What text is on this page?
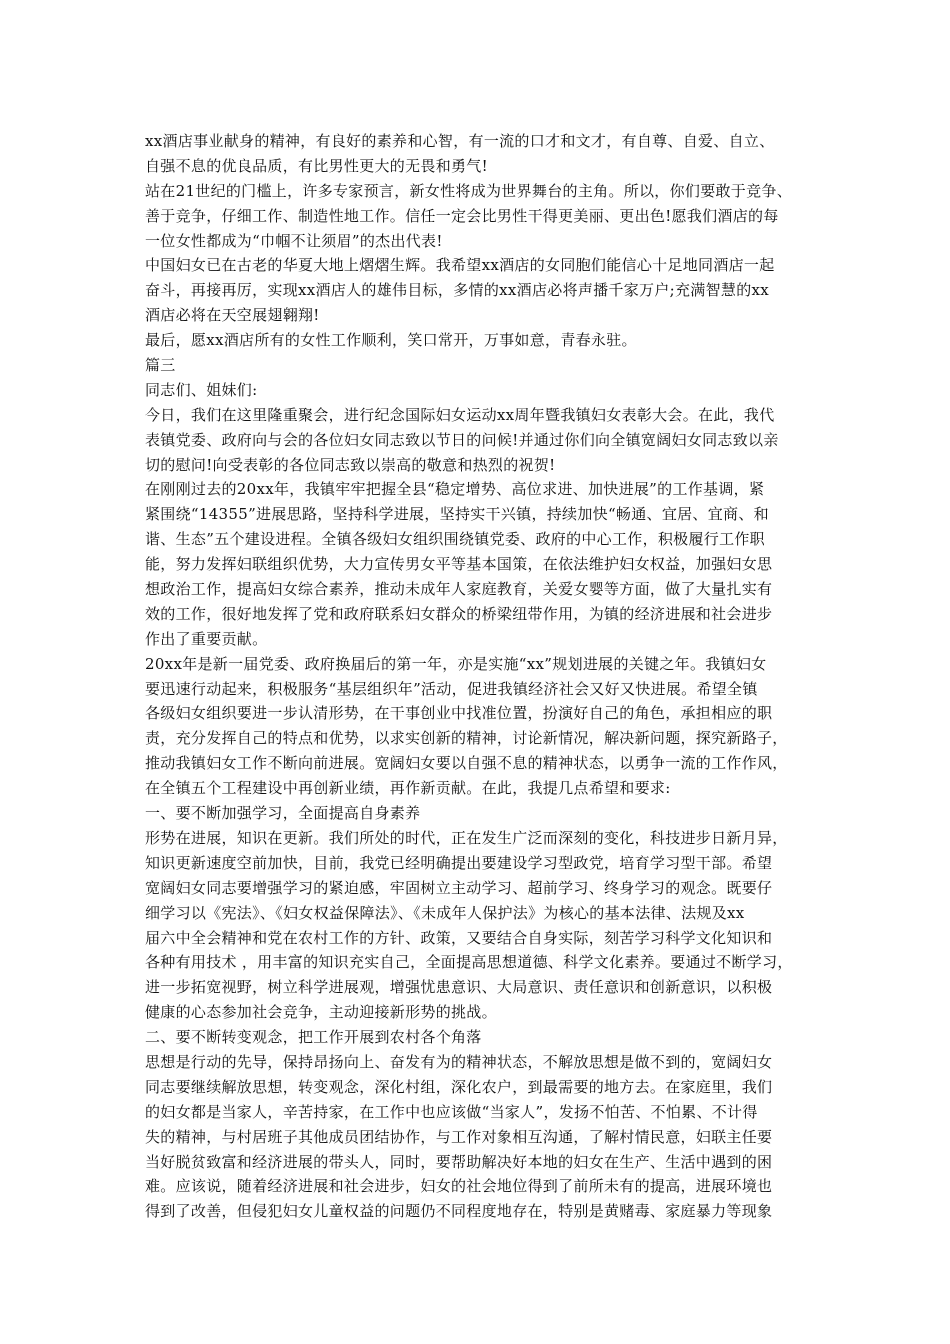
xx酒店事业献身的精神，有良好的素养和心智，有一流的口才和文才，有自尊、自爱、自立、
自强不息的优良品质，有比男性更大的无畏和勇气!
站在21世纪的门槛上，许多专家预言，新女性将成为世界舞台的主角。所以，你们要敢于竞争、
善于竞争，仔细工作、制造性地工作。信任一定会比男性干得更美丽、更出色!愿我们酒店的每
一位女性都成为“巾帼不让须眉”的杰出代表!
中国妇女已在古老的华夏大地上熠熠生辉。我希望xx酒店的女同胞们能信心十足地同酒店一起
奋斗，再接再厉，实现xx酒店人的雄伟目标，多情的xx酒店必将声播千家万户;充满智慧的xx
酒店必将在天空展翅翱翔!
最后，愿xx酒店所有的女性工作顺利，笑口常开，万事如意，青春永驻。
篇三
同志们、姐妹们:
今日，我们在这里隆重聚会，进行纪念国际妇女运动xx周年暨我镇妇女表彰大会。在此，我代
表镇党委、政府向与会的各位妇女同志致以节日的问候!并通过你们向全镇宽阔妇女同志致以亲
切的慰问!向受表彰的各位同志致以崇高的敬意和热烈的祝贺!
在刚刚过去的20xx年，我镇牢牢把握全县“稳定增势、高位求进、加快进展”的工作基调，紧
紧围绕“14355”进展思路，坚持科学进展，坚持实干兴镇，持续加快“畅通、宜居、宜商、和
谐、生态”五个建设进程。全镇各级妇女组织围绕镇党委、政府的中心工作，积极履行工作职
能，努力发挥妇联组织优势，大力宣传男女平等基本国策，在依法维护妇女权益，加强妇女思
想政治工作，提高妇女综合素养，推动未成年人家庭教育，关爱女婴等方面，做了大量扎实有
效的工作，很好地发挥了党和政府联系妇女群众的桥梁纽带作用，为镇的经济进展和社会进步
作出了重要贡献。
20xx年是新一届党委、政府换届后的第一年，亦是实施“xx”规划进展的关键之年。我镇妇女
要迅速行动起来，积极服务“基层组织年”活动，促进我镇经济社会又好又快进展。希望全镇
各级妇女组织要进一步认清形势，在干事创业中找准位置，扮演好自己的角色，承担相应的职
责，充分发挥自己的特点和优势，以求实创新的精神，讨论新情况，解决新问题，探究新路子，
推动我镇妇女工作不断向前进展。宽阔妇女要以自强不息的精神状态，以勇争一流的工作作风，
在全镇五个工程建设中再创新业绩，再作新贡献。在此，我提几点希望和要求:
一、要不断加强学习，全面提高自身素养
形势在进展，知识在更新。我们所处的时代，正在发生广泛而深刻的变化，科技进步日新月异，
知识更新速度空前加快，目前，我党已经明确提出要建设学习型政党，培育学习型干部。希望
宽阔妇女同志要增强学习的紧迫感，牢固树立主动学习、超前学习、终身学习的观念。既要仔
细学习以《宪法》、《妇女权益保障法》、《未成年人保护法》为核心的基本法律、法规及xx
届六中全会精神和党在农村工作的方针、政策，又要结合自身实际，刻苦学习科学文化知识和
各种有用技术 ，用丰富的知识充实自己，全面提高思想道德、科学文化素养。要通过不断学习，
进一步拓宽视野，树立科学进展观，增强忧患意识、大局意识、责任意识和创新意识，以积极
健康的心态参加社会竞争，主动迎接新形势的挑战。
二、要不断转变观念，把工作开展到农村各个角落
思想是行动的先导，保持昂扬向上、奋发有为的精神状态，不解放思想是做不到的，宽阔妇女
同志要继续解放思想，转变观念，深化村组，深化农户，到最需要的地方去。在家庭里，我们
的妇女都是当家人，辛苦持家，在工作中也应该做“当家人”，发扬不怕苦、不怕累、不计得
失的精神，与村居班子其他成员团结协作，与工作对象相互沟通，了解村情民意，妇联主任要
当好脱贫致富和经济进展的带头人，同时，要帮助解决好本地的妇女在生产、生活中遇到的困
难。应该说，随着经济进展和社会进步，妇女的社会地位得到了前所未有的提高，进展环境也
得到了改善，但侵犯妇女儿童权益的问题仍不同程度地存在，特别是黄赌毒、家庭暴力等现象
